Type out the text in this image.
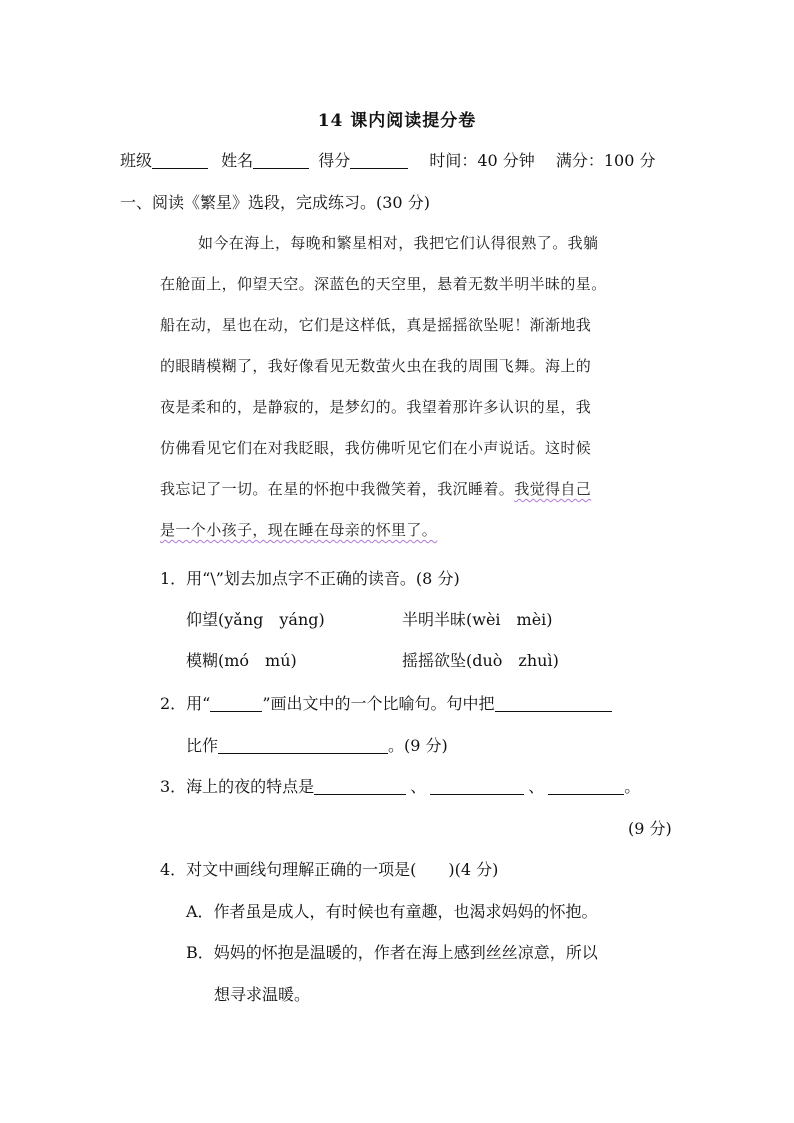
14 课内阅读提分卷
班级	姓名	得分	时间：40 分钟 满分：100 分
一、阅读《繁星》选段，完成练习。(30 分)
如今在海上，每晚和繁星相对，我把它们认得很熟了。我躺
在舱面上，仰望天空。深蓝色的天空里，悬着无数半明半昧的星。
船在动，星也在动，它们是这样低，真是摇摇欲坠呢！渐渐地我
的眼睛模糊了，我好像看见无数萤火虫在我的周围飞舞。海上的
夜是柔和的，是静寂的，是梦幻的。我望着那许多认识的星，我
仿佛看见它们在对我眨眼，我仿佛听见它们在小声说话。这时候
我忘记了一切。在星的怀抱中我微笑着，我沉睡着。我觉得自己
是一个小孩子，现在睡在母亲的怀里了。
1．用“\”划去加点字不正确的读音。(8 分)
仰望(yǎng　yáng)	半明半昧(wèi　mèi)
模糊(mó　mú)	摇摇欲坠(duò　zhuì)
2．用“	”画出文中的一个比喻句。句中把
比作	。(9 分)
3．海上的夜的特点是	、	、	。
(9 分)
4．对文中画线句理解正确的一项是(　　)(4 分)
A．作者虽是成人，有时候也有童趣，也渴求妈妈的怀抱。
B．妈妈的怀抱是温暖的，作者在海上感到丝丝凉意，所以
想寻求温暖。
